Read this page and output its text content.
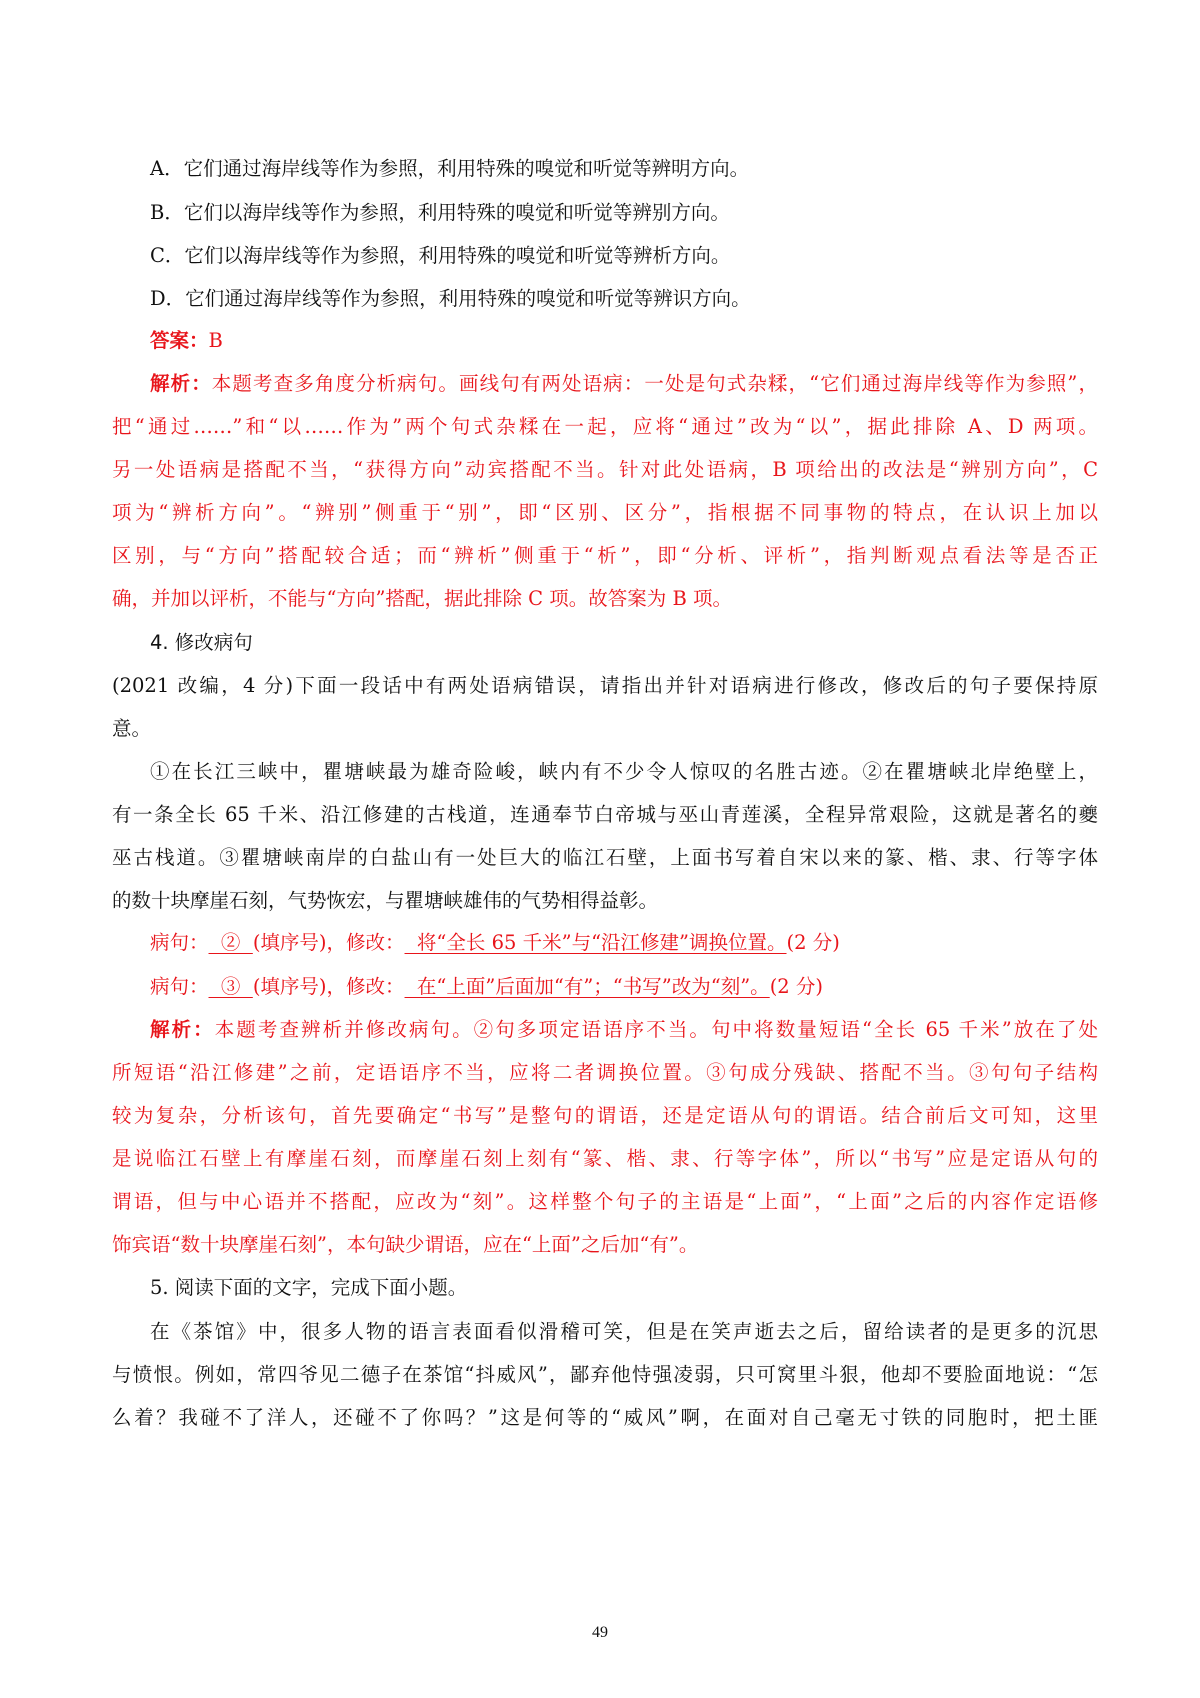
A．它们通过海岸线等作为参照，利用特殊的嗅觉和听觉等辨明方向。
B．它们以海岸线等作为参照，利用特殊的嗅觉和听觉等辨别方向。
C．它们以海岸线等作为参照，利用特殊的嗅觉和听觉等辨析方向。
D．它们通过海岸线等作为参照，利用特殊的嗅觉和听觉等辨识方向。
答案：B
解析：本题考查多角度分析病句。画线句有两处语病：一处是句式杂糅，“它们通过海岸线等作为参照”，
把“通过……”和“以……作为”两个句式杂糅在一起，应将“通过”改为“以”，据此排除 A、D 两项。
另一处语病是搭配不当，“获得方向”动宾搭配不当。针对此处语病，B 项给出的改法是“辨别方向”，C
项为“辨析方向”。“辨别”侧重于“别”，即“区别、区分”，指根据不同事物的特点，在认识上加以
区别，与“方向”搭配较合适；而“辨析”侧重于“析”，即“分析、评析”，指判断观点看法等是否正
确，并加以评析，不能与“方向”搭配，据此排除 C 项。故答案为 B 项。
4. 修改病句
(2021 改编，4 分)下面一段话中有两处语病错误，请指出并针对语病进行修改，修改后的句子要保持原
意。
①在长江三峡中，瞿塘峡最为雄奇险峻，峡内有不少令人惊叹的名胜古迹。②在瞿塘峡北岸绝壁上，
有一条全长 65 千米、沿江修建的古栈道，连通奉节白帝城与巫山青莲溪，全程异常艰险，这就是著名的夔
巫古栈道。③瞿塘峡南岸的白盐山有一处巨大的临江石壁，上面书写着自宋以来的篆、楷、隶、行等字体
的数十块摩崖石刻，气势恢宏，与瞿塘峡雄伟的气势相得益彰。
病句：  ②  (填序号)，修改：  将“全长 65 千米”与“沿江修建”调换位置。(2 分)
病句：  ③  (填序号)，修改：  在“上面”后面加“有”；“书写”改为“刻”。(2 分)
解析：本题考查辨析并修改病句。②句多项定语语序不当。句中将数量短语“全长 65 千米”放在了处
所短语“沿江修建”之前，定语语序不当，应将二者调换位置。③句成分残缺、搭配不当。③句句子结构
较为复杂，分析该句，首先要确定“书写”是整句的谓语，还是定语从句的谓语。结合前后文可知，这里
是说临江石壁上有摩崖石刻，而摩崖石刻上刻有“篆、楷、隶、行等字体”，所以“书写”应是定语从句的
谓语，但与中心语并不搭配，应改为“刻”。这样整个句子的主语是“上面”，“上面”之后的内容作定语修
饰宾语“数十块摩崖石刻”，本句缺少谓语，应在“上面”之后加“有”。
5. 阅读下面的文字，完成下面小题。
在《茶馆》中，很多人物的语言表面看似滑稽可笑，但是在笑声逝去之后，留给读者的是更多的沉思
与愤恨。例如，常四爷见二德子在茶馆“抖威风”，鄙弃他恃强凌弱，只可窝里斗狠，他却不要脸面地说：“怎
么着？我碰不了洋人，还碰不了你吗？”这是何等的“威风”啊，在面对自己毫无寸铁的同胞时，把土匪
49
